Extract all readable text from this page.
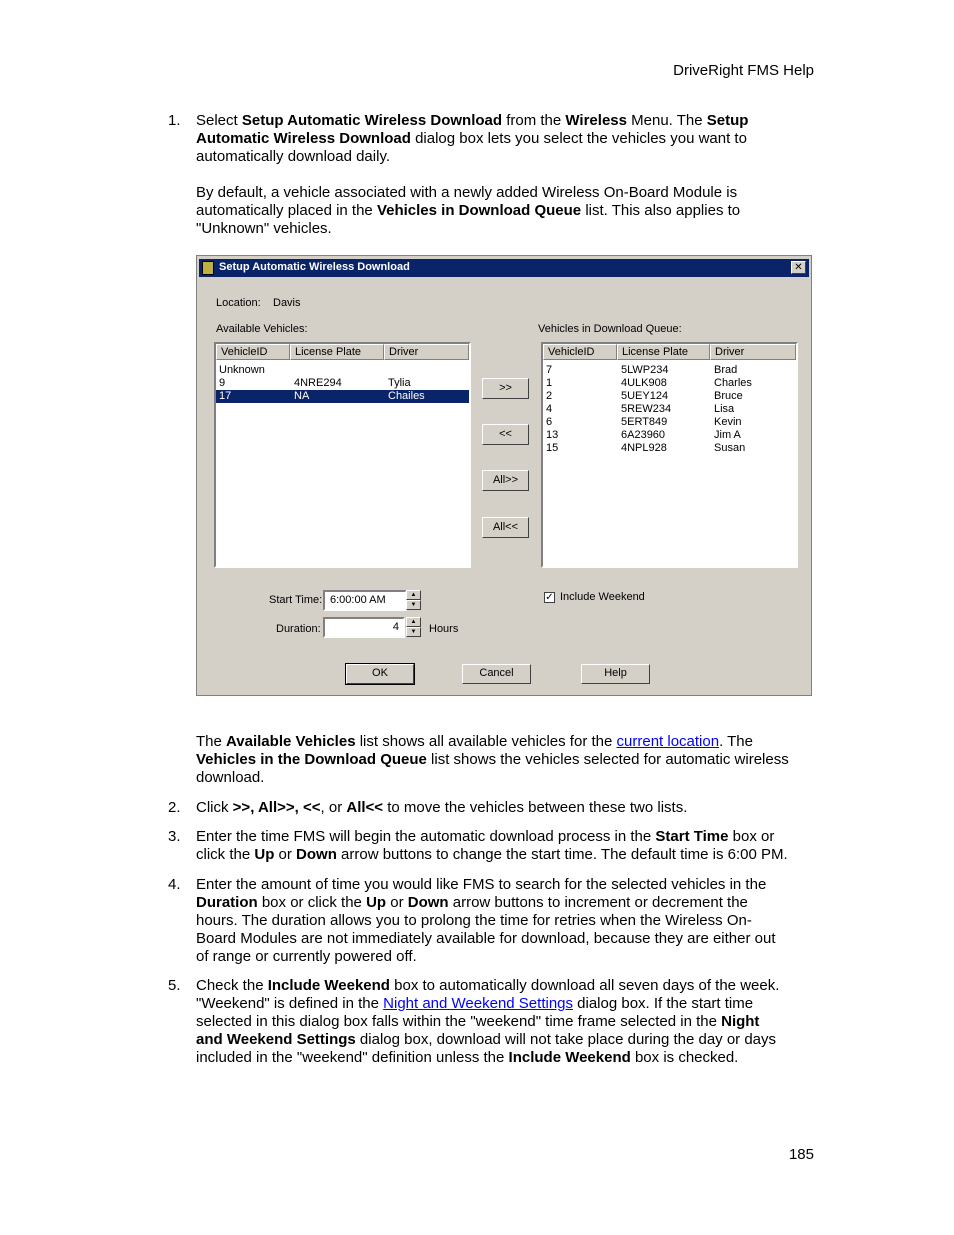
DriveRight FMS Help
1. Select Setup Automatic Wireless Download from the Wireless Menu. The Setup
Automatic Wireless Download dialog box lets you select the vehicles you want to
automatically download daily.
By default, a vehicle associated with a newly added Wireless On-Board Module is
automatically placed in the Vehicles in Download Queue list. This also applies to
"Unknown" vehicles.
Setup Automatic Wireless Download	✕
Location: Davis
Available Vehicles:	Vehicles in Download Queue:
VehicleID	License Plate	Driver
Unknown
9	4NRE294	Tylia
17	NA	Chailes
>>
<<
All>>
All<<
VehicleID	License Plate	Driver
7	5LWP234	Brad
1	4ULK908	Charles
2	5UEY124	Bruce
4	5REW234	Lisa
6	5ERT849	Kevin
13	6A23960	Jim A
15	4NPL928	Susan
Start Time: 6:00:00 AM	▲
▼
Duration:	4	▲
▼	Hours
✓ Include Weekend
OK	Cancel	Help
The Available Vehicles list shows all available vehicles for the current location. The
Vehicles in the Download Queue list shows the vehicles selected for automatic wireless
download.
2. Click >>, All>>, <<, or All<< to move the vehicles between these two lists.
3. Enter the time FMS will begin the automatic download process in the Start Time box or
click the Up or Down arrow buttons to change the start time. The default time is 6:00 PM.
4. Enter the amount of time you would like FMS to search for the selected vehicles in the
Duration box or click the Up or Down arrow buttons to increment or decrement the
hours. The duration allows you to prolong the time for retries when the Wireless On-
Board Modules are not immediately available for download, because they are either out
of range or currently powered off.
5. Check the Include Weekend box to automatically download all seven days of the week.
"Weekend" is defined in the Night and Weekend Settings dialog box. If the start time
selected in this dialog box falls within the "weekend" time frame selected in the Night
and Weekend Settings dialog box, download will not take place during the day or days
included in the "weekend" definition unless the Include Weekend box is checked.
185
